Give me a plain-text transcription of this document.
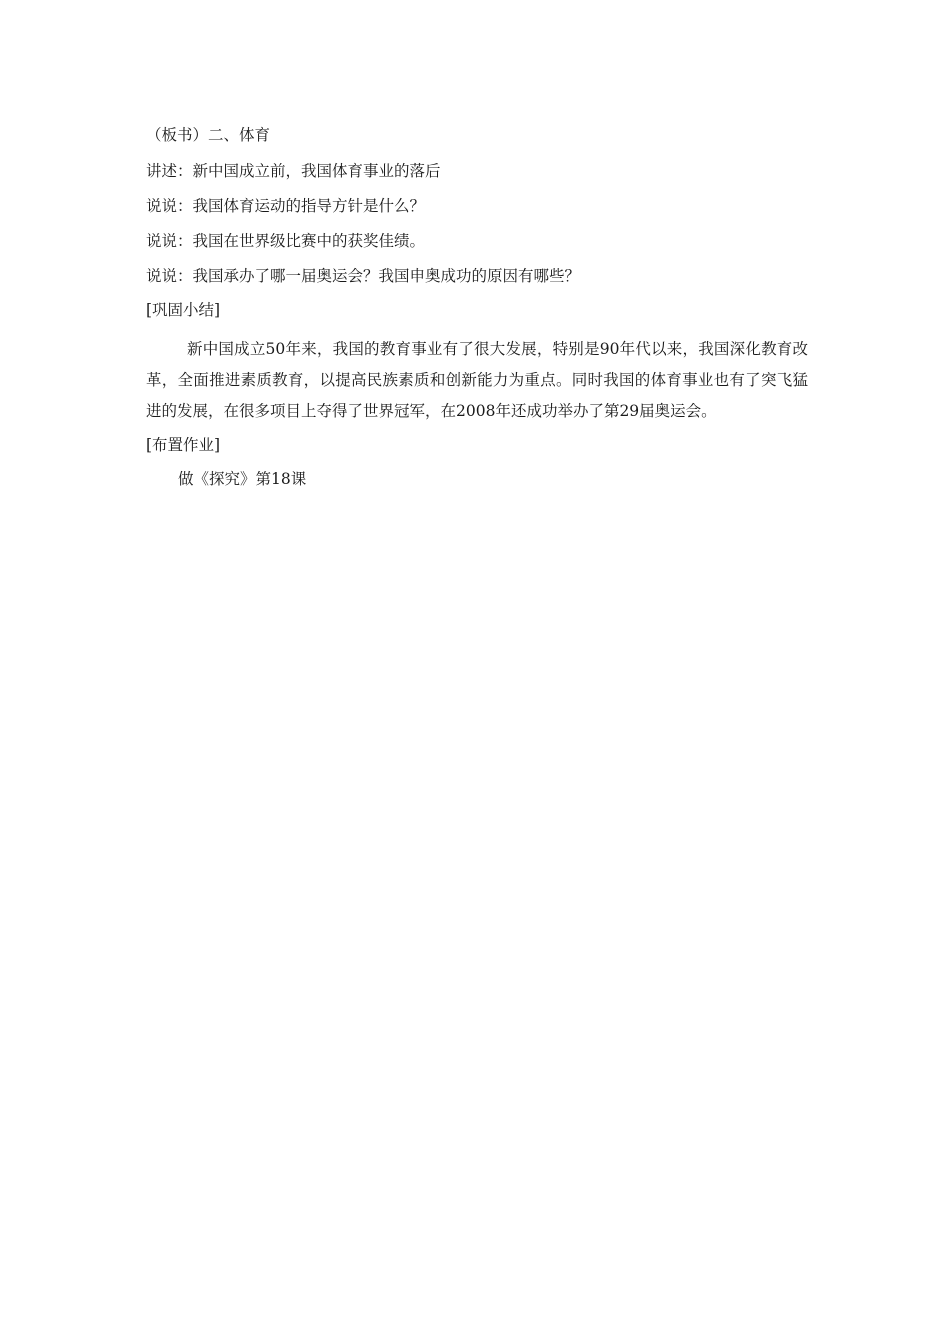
（板书）二、体育
讲述：新中国成立前，我国体育事业的落后
说说：我国体育运动的指导方针是什么？
说说：我国在世界级比赛中的获奖佳绩。
说说：我国承办了哪一届奥运会？我国申奥成功的原因有哪些？
[巩固小结]
新中国成立50年来，我国的教育事业有了很大发展，特别是90年代以来，我国深化教育改革，全面推进素质教育，以提高民族素质和创新能力为重点。同时我国的体育事业也有了突飞猛进的发展，在很多项目上夺得了世界冠军，在2008年还成功举办了第29届奥运会。
[布置作业]
做《探究》第18课
